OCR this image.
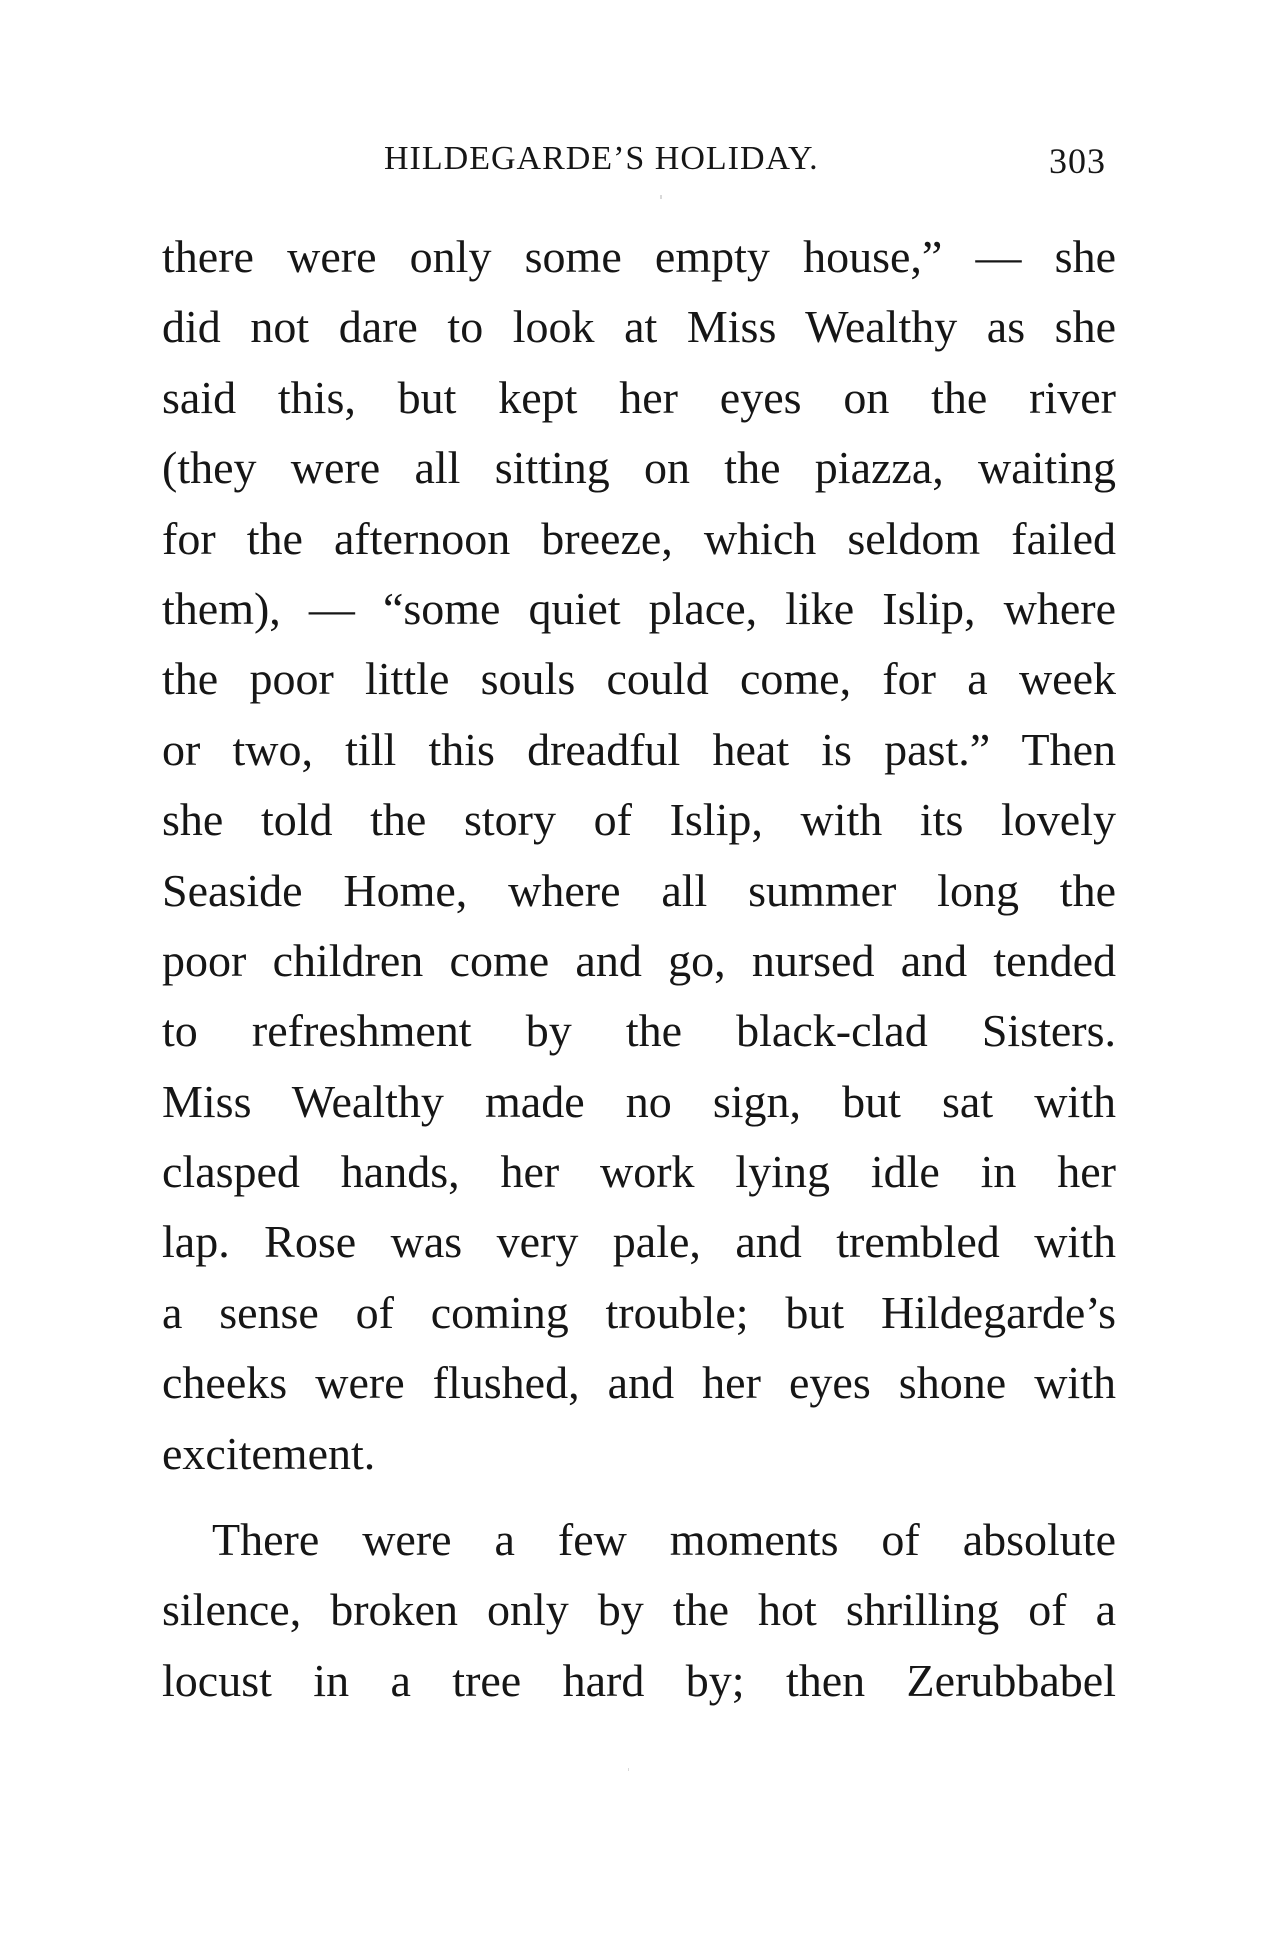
HILDEGARDE’S HOLIDAY.	303
there were only some empty house,” — she
did not dare to look at Miss Wealthy as she
said this, but kept her eyes on the river
(they were all sitting on the piazza, waiting
for the afternoon breeze, which seldom failed
them), — “some quiet place, like Islip, where
the poor little souls could come, for a week
or two, till this dreadful heat is past.” Then
she told the story of Islip, with its lovely
Seaside Home, where all summer long the
poor children come and go, nursed and tended
to refreshment by the black-clad Sisters.
Miss Wealthy made no sign, but sat with
clasped hands, her work lying idle in her
lap. Rose was very pale, and trembled with
a sense of coming trouble; but Hildegarde’s
cheeks were flushed, and her eyes shone with
excitement.
There were a few moments of absolute
silence, broken only by the hot shrilling of a
locust in a tree hard by; then Zerubbabel
